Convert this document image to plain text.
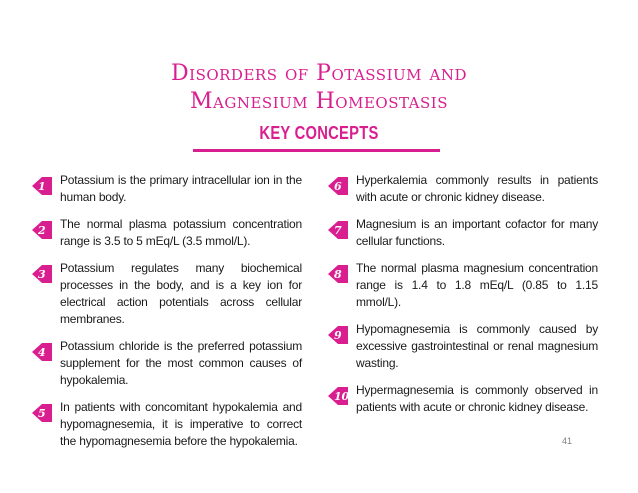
Disorders of Potassium and
Magnesium Homeostasis
KEY CONCEPTS
1 Potassium is the primary intracellular ion in the human body.
2 The normal plasma potassium concentration range is 3.5 to 5 mEq/L (3.5 mmol/L).
3 Potassium regulates many biochemical processes in the body, and is a key ion for electrical action potentials across cellular membranes.
4 Potassium chloride is the preferred potassium supplement for the most common causes of hypokalemia.
5 In patients with concomitant hypokalemia and hypomagnesemia, it is imperative to correct the hypomagnesemia before the hypokalemia.
6 Hyperkalemia commonly results in patients with acute or chronic kidney disease.
7 Magnesium is an important cofactor for many cellular functions.
8 The normal plasma magnesium concentration range is 1.4 to 1.8 mEq/L (0.85 to 1.15 mmol/L).
9 Hypomagnesemia is commonly caused by excessive gastrointestinal or renal magnesium wasting.
10 Hypermagnesemia is commonly observed in patients with acute or chronic kidney disease.
41
